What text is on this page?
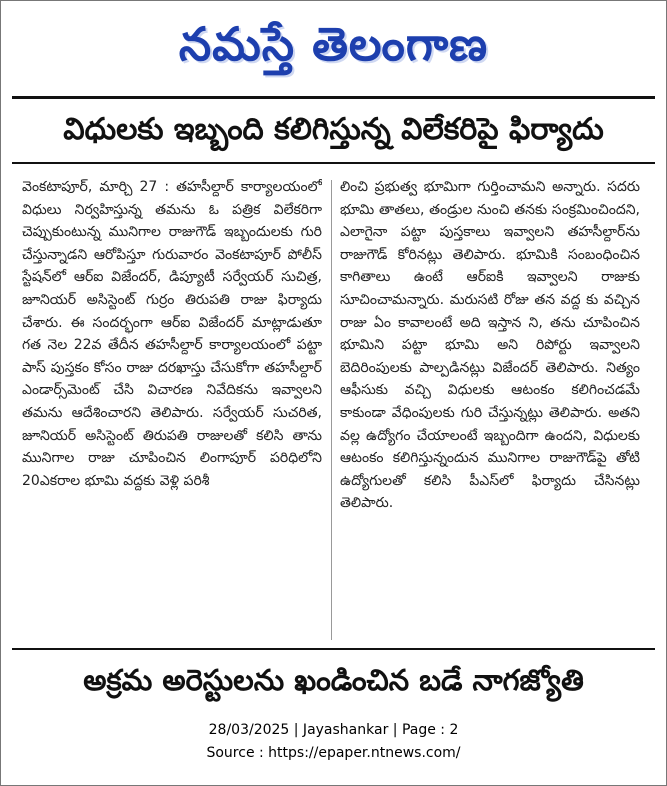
నమస్తే తెలంగాణ
విధులకు ఇబ్బంది కలిగిస్తున్న విలేకరిపై ఫిర్యాదు
వెంకటాపూర్, మార్చి 27 : తహసీల్దార్ కార్యాలయంలో విధులు నిర్వహిస్తున్న తమను ఓ పత్రిక విలేకరిగా చెప్పుకుంటున్న మునిగాల రాజుగౌడ్ ఇబ్బందులకు గురి చేస్తున్నాడని ఆరోపిస్తూ గురువారం వెంకటాపూర్ పోలీస్ స్టేషన్‌లో ఆర్ఐ విజేందర్, డిప్యూటీ సర్వేయర్ సుచిత్ర, జూనియర్ అసిస్టెంట్ గుర్రం తిరుపతి రాజు ఫిర్యాదు చేశారు. ఈ సందర్భంగా ఆర్ఐ విజేందర్ మాట్లాడుతూ గత నెల 22వ తేదీన తహసీల్దార్ కార్యాలయంలో పట్టా పాస్ పుస్తకం కోసం రాజు దరఖాస్తు చేసుకోగా తహసీల్దార్ ఎండార్స్‌మెంట్ చేసి విచారణ నివేదికను ఇవ్వాలని తమను ఆదేశించారని తెలిపారు. సర్వేయర్ సుచరిత, జూనియర్ అసిస్టెంట్ తిరుపతి రాజులతో కలిసి తాను మునిగాల రాజు చూపించిన లింగాపూర్ పరిధిలోని 20ఎకరాల భూమి వద్దకు వెళ్లి పరిశీ
లించి ప్రభుత్వ భూమిగా గుర్తించామని అన్నారు. సదరు భూమి తాతలు, తండ్రుల నుంచి తనకు సంక్రమించిందని, ఎలాగైనా పట్టా పుస్తకాలు ఇవ్వాలని తహసీల్దార్‌ను రాజుగౌడ్ కోరినట్లు తెలిపారు. భూమికి సంబంధించిన కాగితాలు ఉంటే ఆర్ఐకి ఇవ్వాలని రాజుకు సూచించామన్నారు. మరుసటి రోజు తన వద్ద కు వచ్చిన రాజు ఏం కావాలంటే అది ఇస్తాన ని, తను చూపించిన భూమిని పట్టా భూమి అని రిపోర్టు ఇవ్వాలని బెదిరింపులకు పాల్పడినట్లు విజేందర్ తెలిపారు. నిత్యం ఆఫీసుకు వచ్చి విధులకు ఆటంకం కలిగించడమే కాకుండా వేధింపులకు గురి చేస్తున్నట్లు తెలిపారు. అతని వల్ల ఉద్యోగం చేయాలంటే ఇబ్బందిగా ఉందని, విధులకు ఆటంకం కలిగిస్తున్నందున మునిగాల రాజుగౌడ్‌పై తోటి ఉద్యోగులతో కలిసి పీఎస్‌లో ఫిర్యాదు చేసినట్లు తెలిపారు.
అక్రమ అరెస్టులను ఖండించిన బడే నాగజ్యోతి
28/03/2025 | Jayashankar | Page : 2
Source : https://epaper.ntnews.com/
